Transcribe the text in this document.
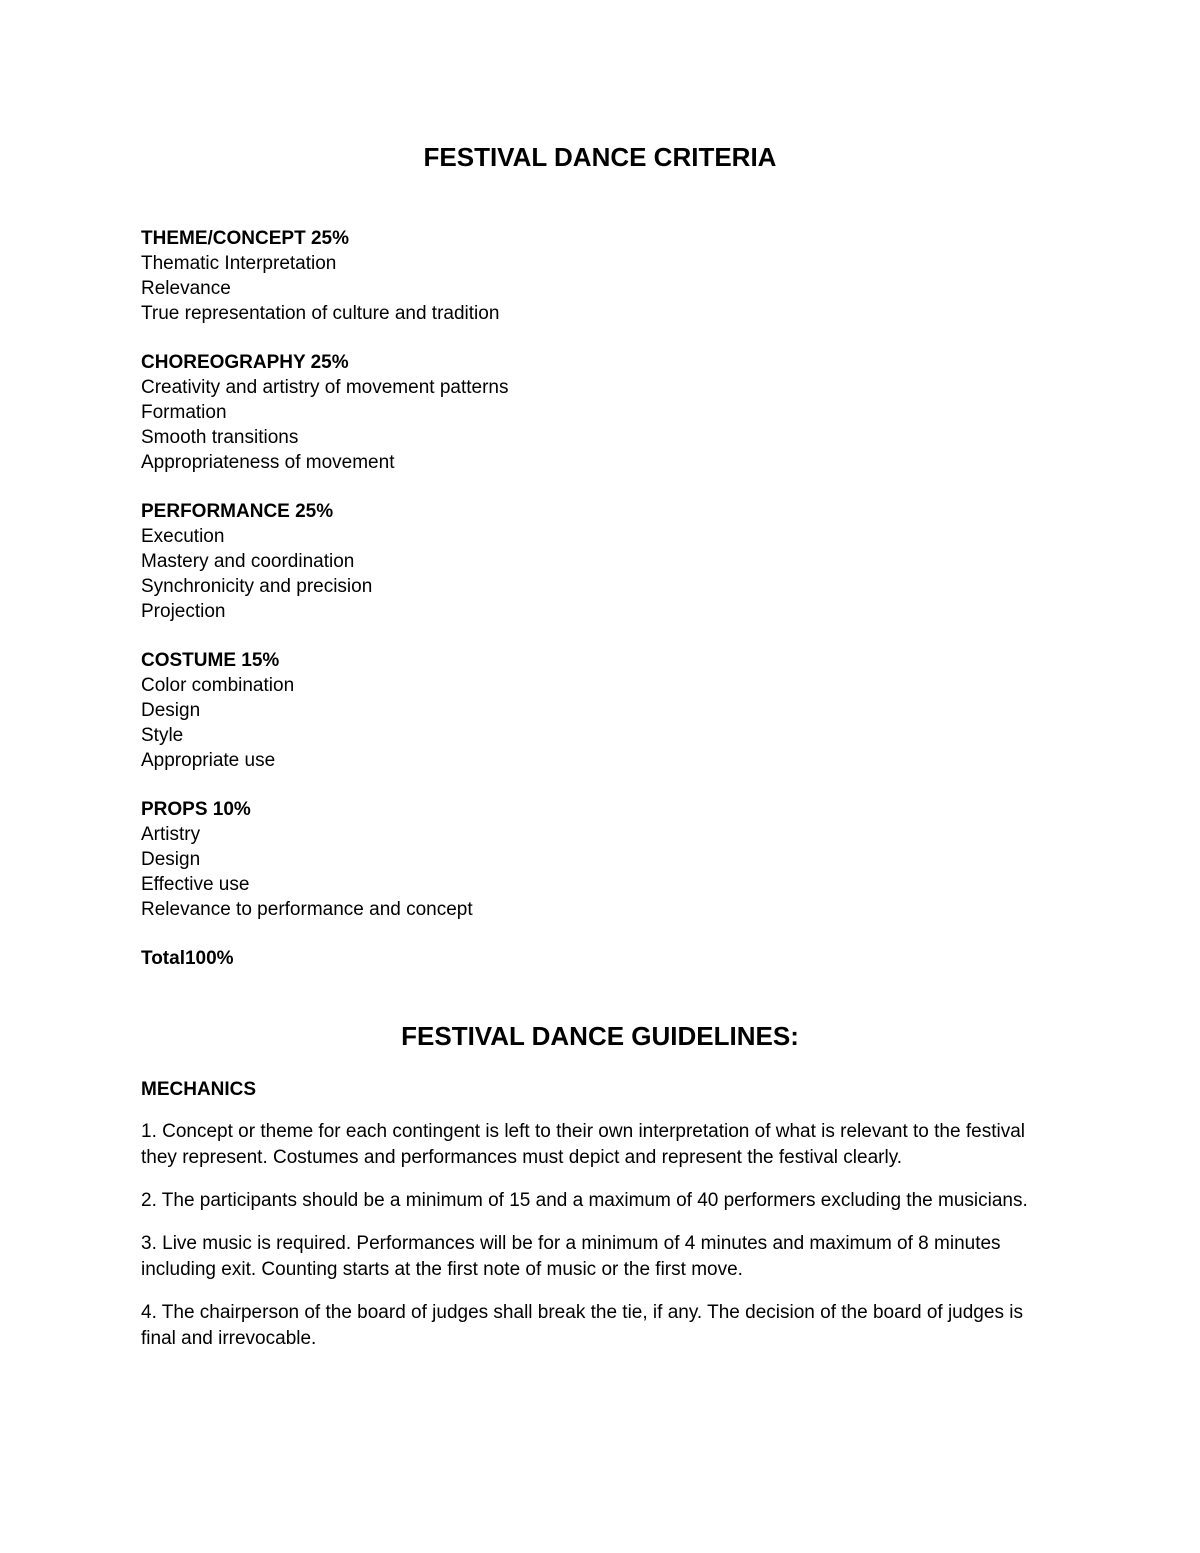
FESTIVAL DANCE CRITERIA

THEME/CONCEPT 25%

Thematic Interpretation

Relevance

True representation of culture and tradition

CHOREOGRAPHY 25%

Creativity and artistry of movement patterns

Formation

Smooth transitions

Appropriateness of movement

PERFORMANCE 25%

Execution

Mastery and coordination

Synchronicity and precision

Projection

COSTUME 15%

Color combination

Design

Style

Appropriate use

PROPS 10%

Artistry

Design

Effective use

Relevance to performance and concept

Total100%

FESTIVAL DANCE GUIDELINES:

MECHANICS

1. Concept or theme for each contingent is left to their own interpretation of what is relevant to the festival they represent. Costumes and performances must depict and represent the festival clearly.

2. The participants should be a minimum of 15 and a maximum of 40 performers excluding the musicians.

3. Live music is required. Performances will be for a minimum of 4 minutes and maximum of 8 minutes including exit. Counting starts at the first note of music or the first move.

4. The chairperson of the board of judges shall break the tie, if any. The decision of the board of judges is final and irrevocable.
